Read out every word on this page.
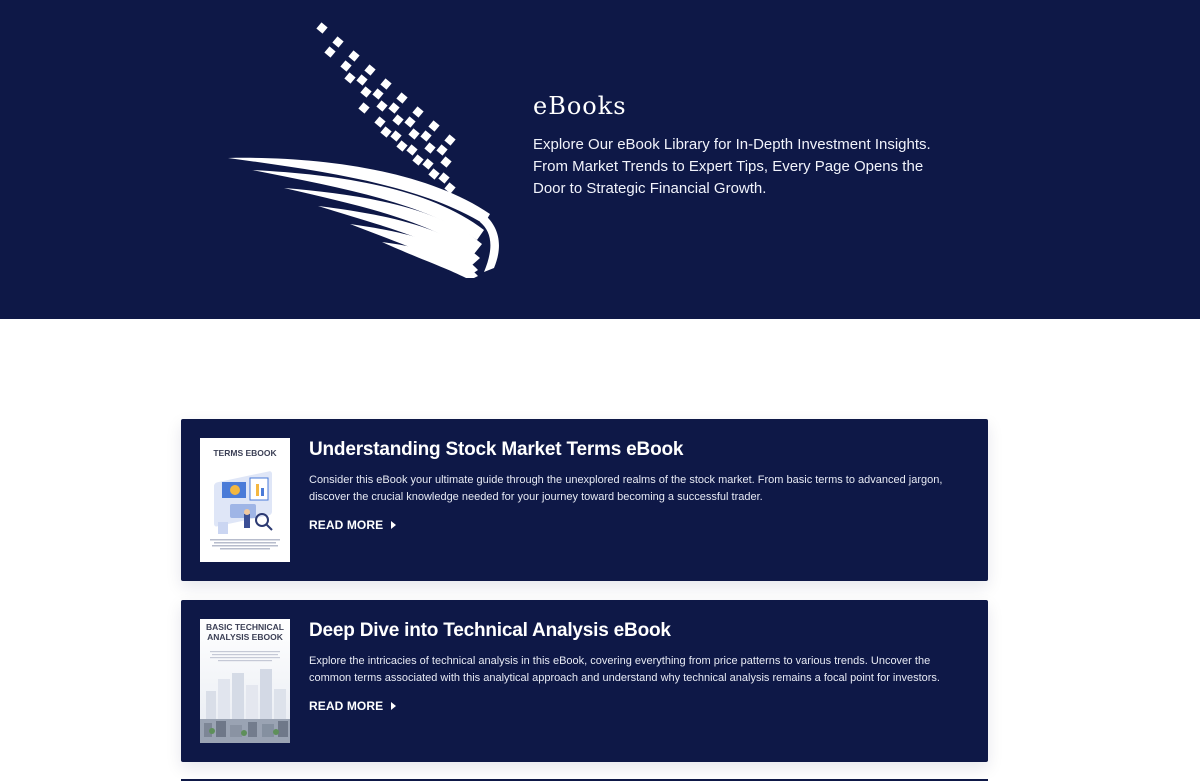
eBooks

Explore Our eBook Library for In-Depth Investment Insights. From Market Trends to Expert Tips, Every Page Opens the Door to Strategic Financial Growth.

TERMS EBOOK	Understanding Stock Market Terms eBook

Consider this eBook your ultimate guide through the unexplored realms of the stock market. From basic terms to advanced jargon, discover the crucial knowledge needed for your journey toward becoming a successful trader.

READ MORE
BASIC TECHNICAL ANALYSIS EBOOK	Deep Dive into Technical Analysis eBook

Explore the intricacies of technical analysis in this eBook, covering everything from price patterns to various trends. Uncover the common terms associated with this analytical approach and understand why technical analysis remains a focal point for investors.

READ MORE
